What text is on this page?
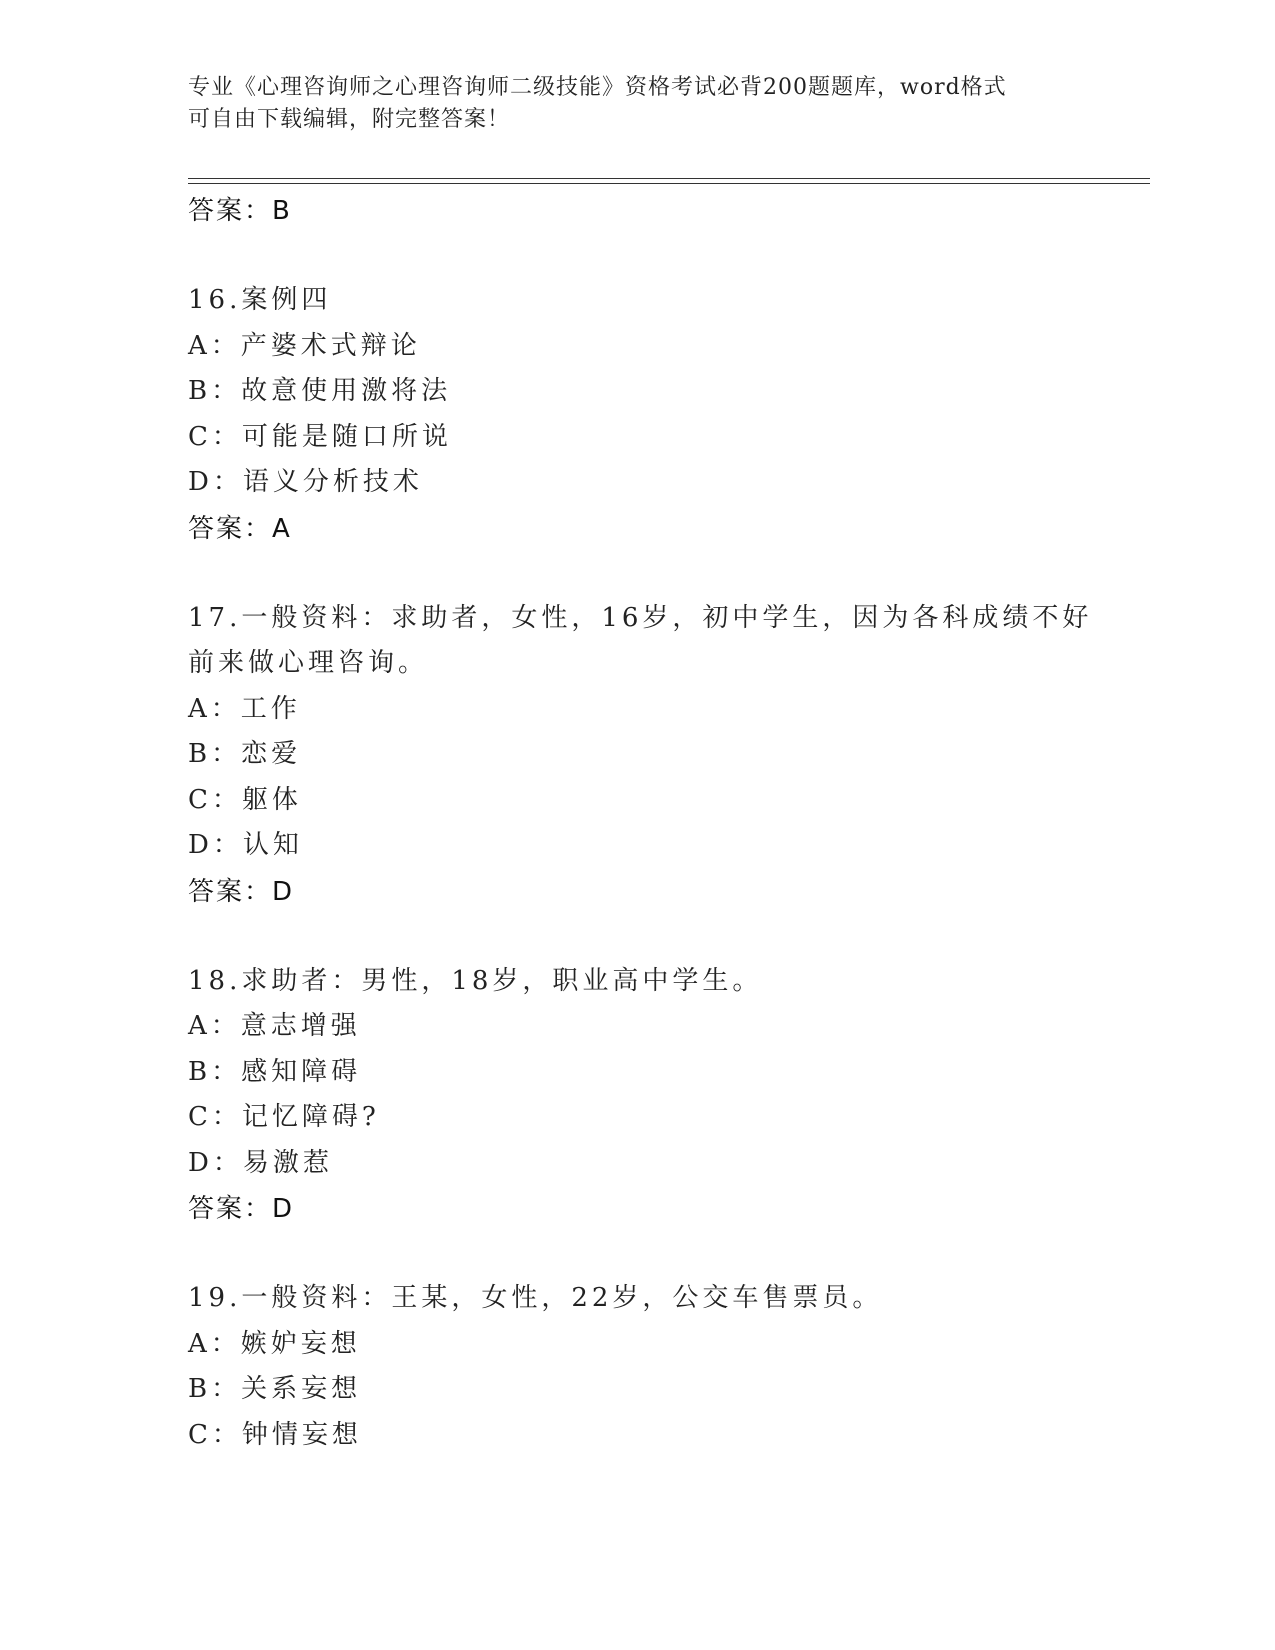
专业《心理咨询师之心理咨询师二级技能》资格考试必背200题题库，word格式
可自由下载编辑，附完整答案！
答案：B
16.案例四
A：产婆术式辩论
B：故意使用激将法
C：可能是随口所说
D：语义分析技术
答案：A
17.一般资料：求助者，女性，16岁，初中学生，因为各科成绩不好前来做心理咨询。
A：工作
B：恋爱
C：躯体
D：认知
答案：D
18.求助者：男性，18岁，职业高中学生。
A：意志增强
B：感知障碍
C：记忆障碍?
D：易激惹
答案：D
19.一般资料：王某，女性，22岁，公交车售票员。
A：嫉妒妄想
B：关系妄想
C：钟情妄想
